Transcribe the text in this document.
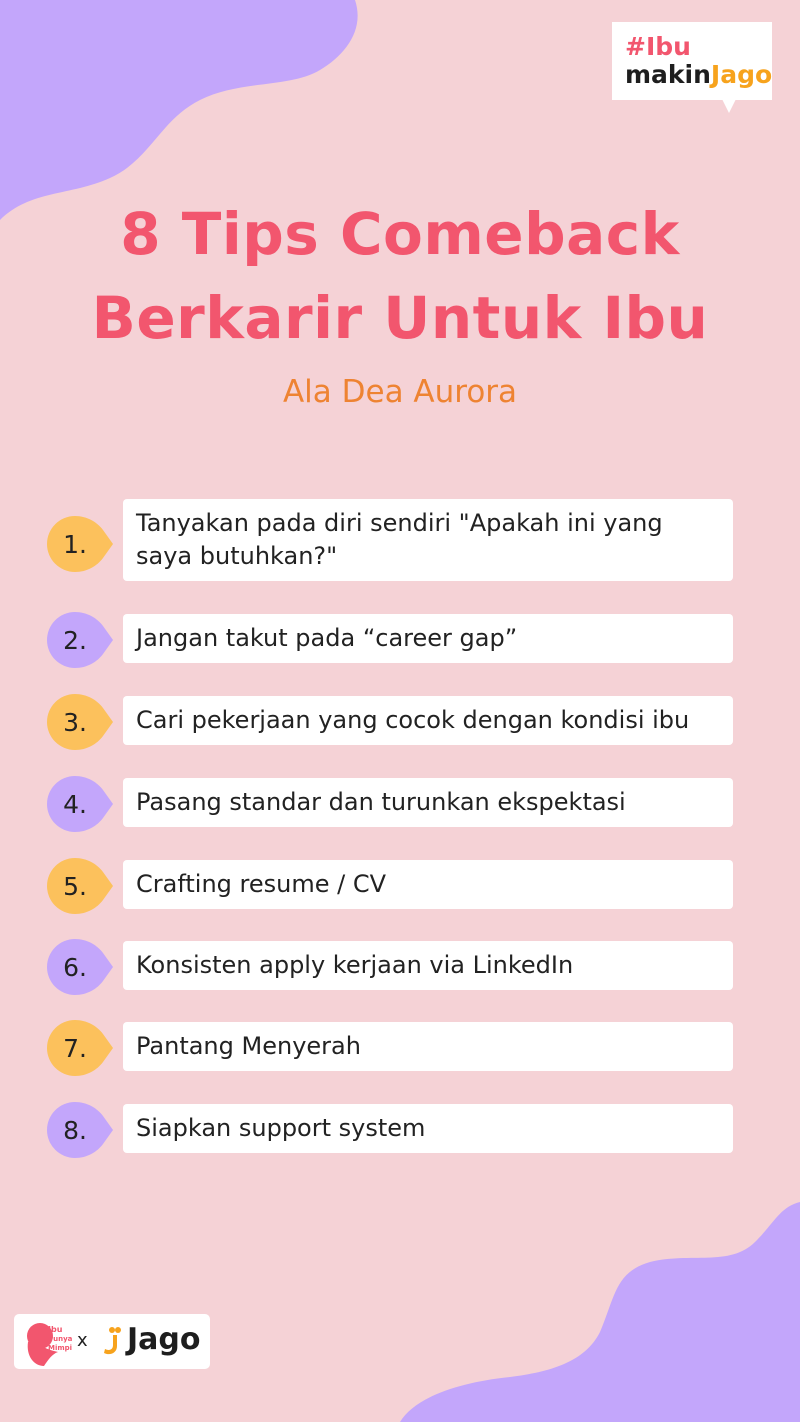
#Ibu
makinJago
8 Tips Comeback
Berkarir Untuk Ibu
Ala Dea Aurora
1.
Tanyakan pada diri sendiri "Apakah ini yang saya butuhkan?"
2.	Jangan takut pada “career gap”
3.	Cari pekerjaan yang cocok dengan kondisi ibu
4.	Pasang standar dan turunkan ekspektasi
5.	Crafting resume / CV
6.	Konsisten apply kerjaan via LinkedIn
7.	Pantang Menyerah
8.	Siapkan support system
Ibu
Punya
Mimpi x Jago
